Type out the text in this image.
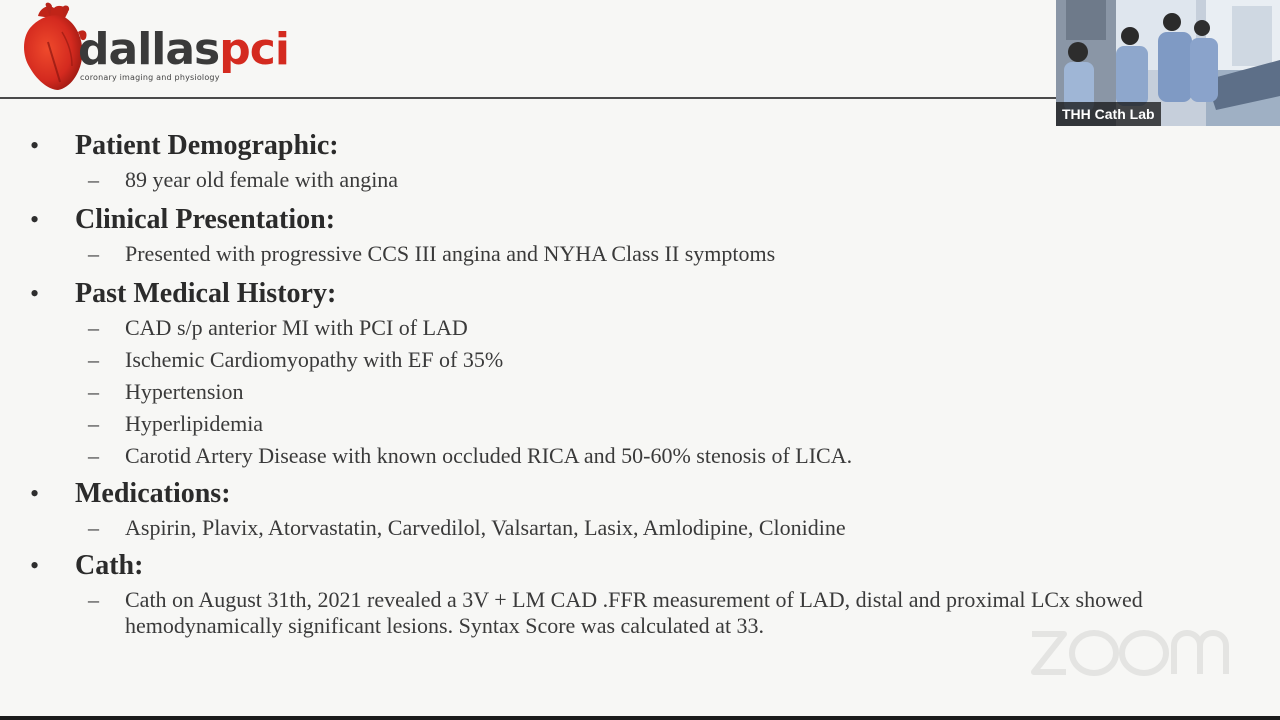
dallaspci
coronary imaging and physiology
• Patient Demographic:
– 89 year old female with angina
• Clinical Presentation:
– Presented with progressive CCS III angina and NYHA Class II symptoms
• Past Medical History:
– CAD s/p anterior MI with PCI of LAD
– Ischemic Cardiomyopathy with EF of 35%
– Hypertension
– Hyperlipidemia
– Carotid Artery Disease with known occluded RICA and 50-60% stenosis of LICA.
• Medications:
– Aspirin, Plavix, Atorvastatin, Carvedilol, Valsartan, Lasix, Amlodipine, Clonidine
• Cath:
– Cath on August 31th, 2021 revealed a 3V + LM CAD .FFR measurement of LAD, distal and proximal LCx showed hemodynamically significant lesions. Syntax Score was calculated at 33.
THH Cath Lab
